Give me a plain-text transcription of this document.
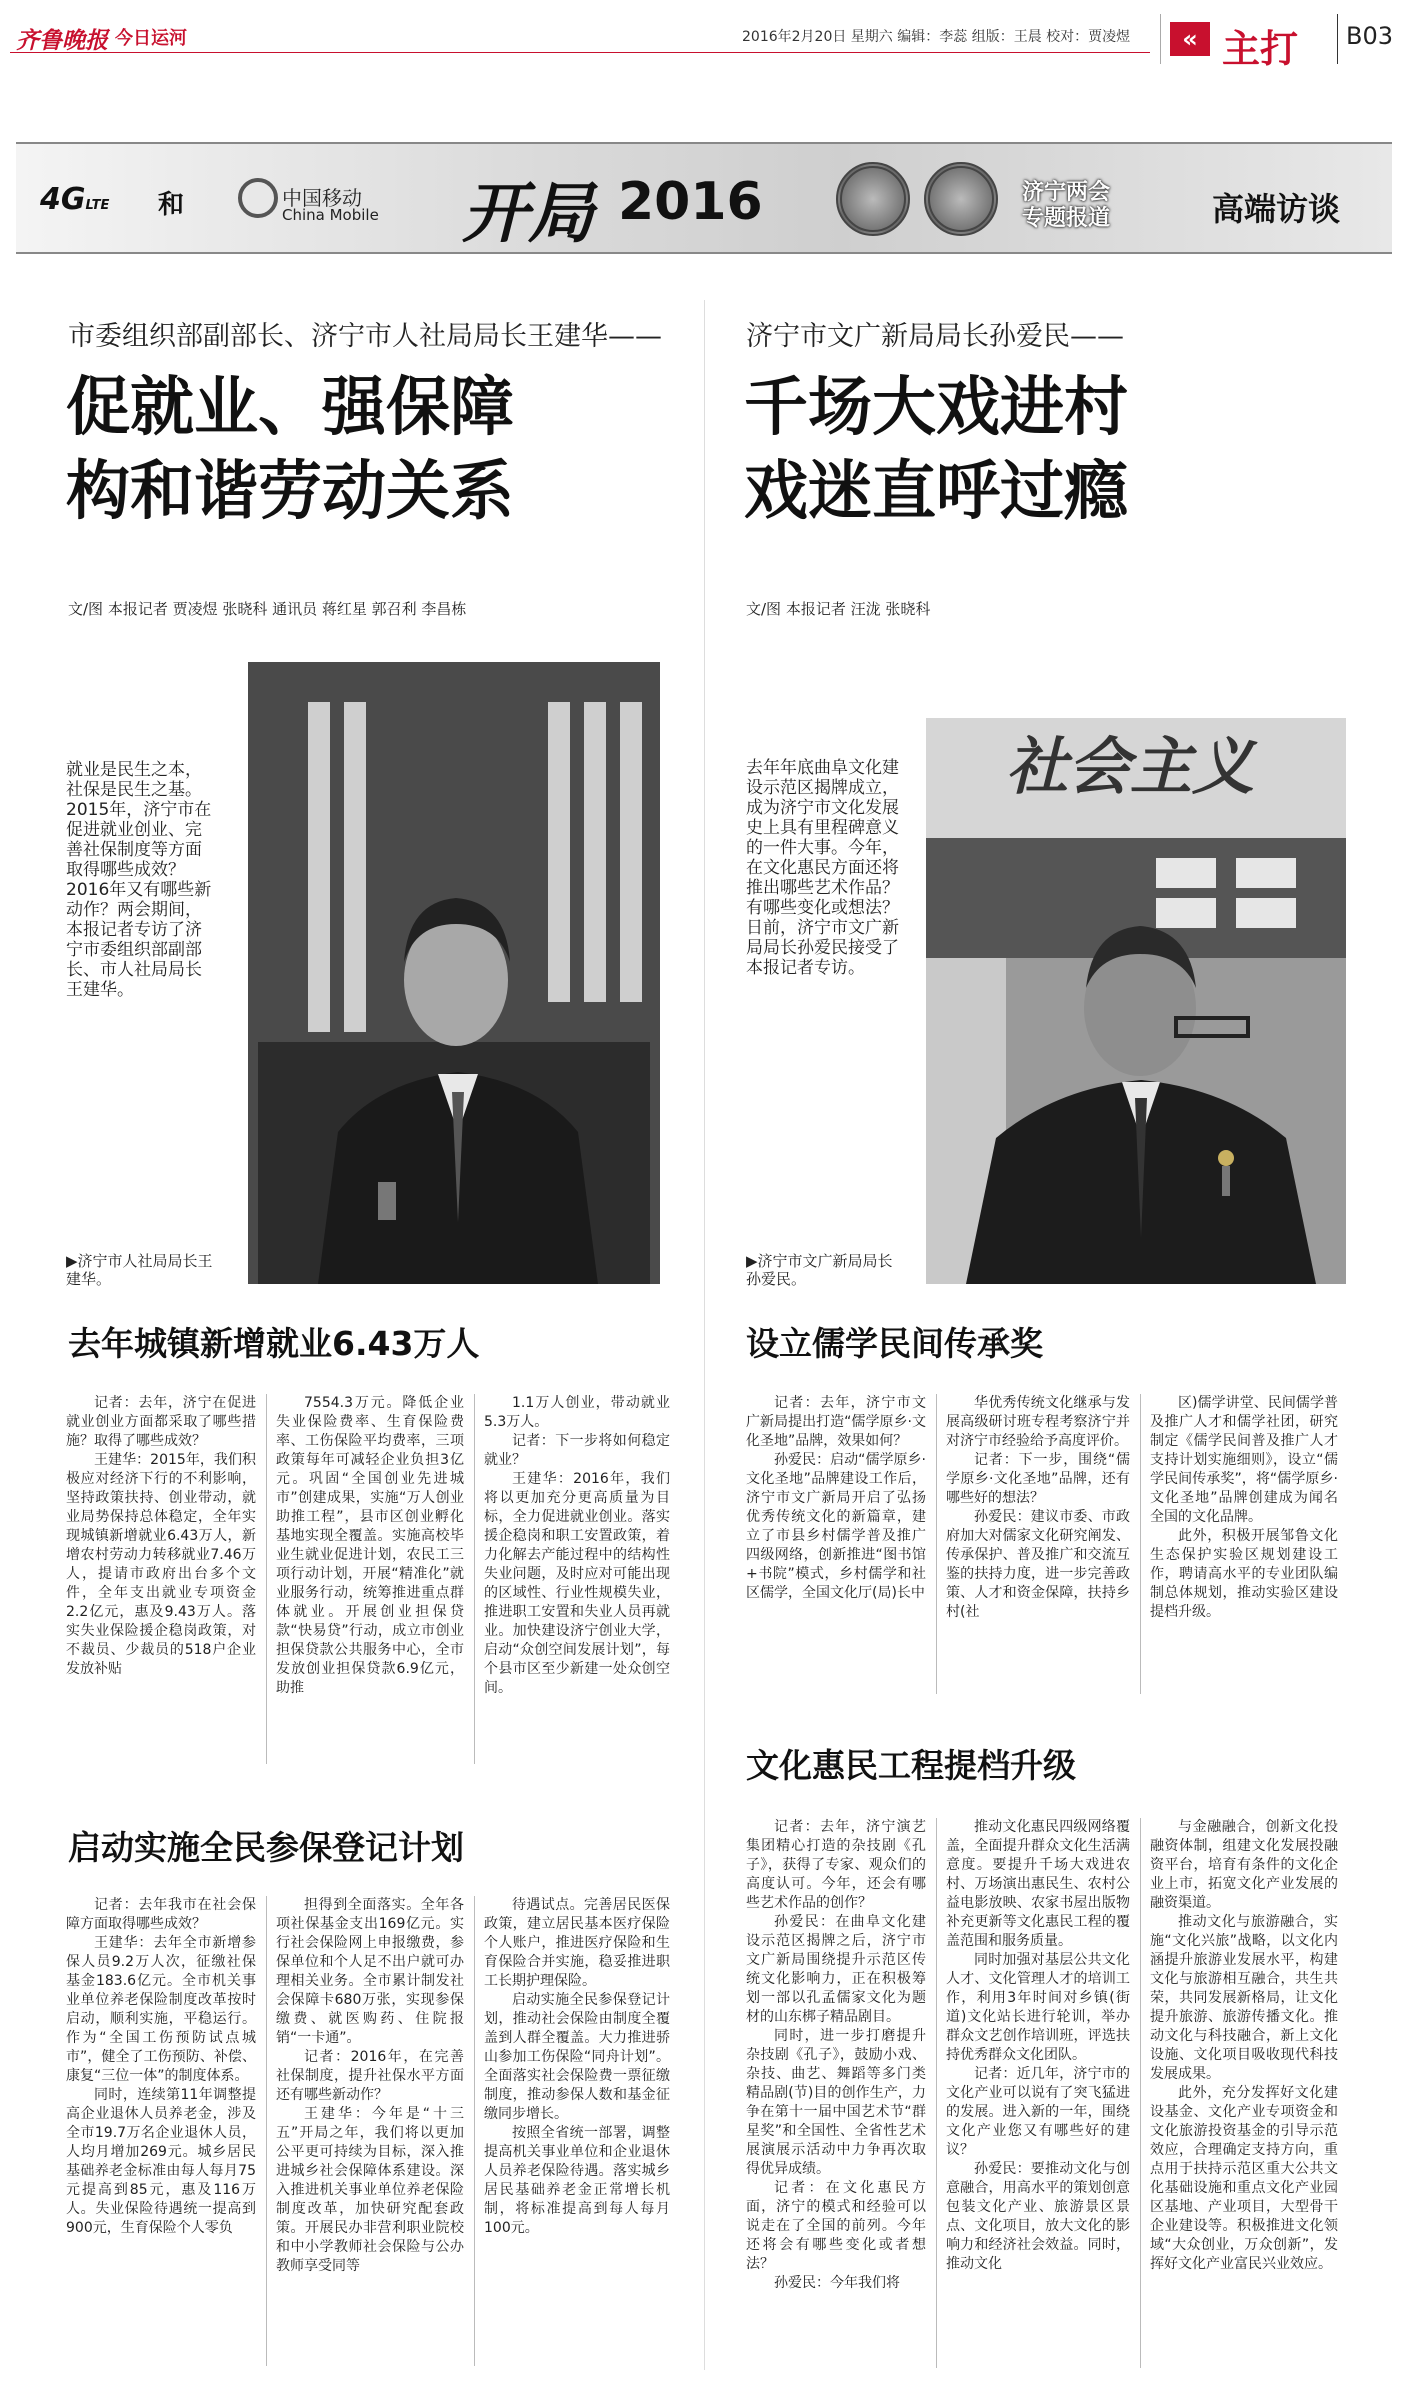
齐鲁晚报 今日运河	2016年2月20日 星期六 编辑：李蕊 组版：王晨 校对：贾凌煜	« 主打 B03
4GLTE 和	中国移动
China Mobile 开局 2016	济宁两会
专题报道	高端访谈
市委组织部副部长、济宁市人社局局长王建华——
促就业、强保障
构和谐劳动关系
文/图 本报记者 贾凌煜 张晓科 通讯员 蒋红星 郭召利 李昌栋
就业是民生之本，社保是民生之基。2015年，济宁市在促进就业创业、完善社保制度等方面取得哪些成效？2016年又有哪些新动作？两会期间，本报记者专访了济宁市委组织部副部长、市人社局局长王建华。
▶济宁市人社局局长王建华。
去年城镇新增就业6.43万人

记者：去年，济宁在促进就业创业方面都采取了哪些措施？取得了哪些成效？

王建华：2015年，我们积极应对经济下行的不利影响，坚持政策扶持、创业带动，就业局势保持总体稳定，全年实现城镇新增就业6.43万人，新增农村劳动力转移就业7.46万人，提请市政府出台多个文件，全年支出就业专项资金2.2亿元，惠及9.43万人。落实失业保险援企稳岗政策，对不裁员、少裁员的518户企业发放补贴

7554.3万元。降低企业失业保险费率、生育保险费率、工伤保险平均费率，三项政策每年可减轻企业负担3亿元。巩固“全国创业先进城市”创建成果，实施“万人创业助推工程”，县市区创业孵化基地实现全覆盖。实施高校毕业生就业促进计划，农民工三项行动计划，开展“精准化”就业服务行动，统筹推进重点群体就业。开展创业担保贷款“快易贷”行动，成立市创业担保贷款公共服务中心，全市发放创业担保贷款6.9亿元，助推

1.1万人创业，带动就业5.3万人。

记者：下一步将如何稳定就业？

王建华：2016年，我们将以更加充分更高质量为目标，全力促进就业创业。落实援企稳岗和职工安置政策，着力化解去产能过程中的结构性失业问题，及时应对可能出现的区域性、行业性规模失业，推进职工安置和失业人员再就业。加快建设济宁创业大学，启动“众创空间发展计划”，每个县市区至少新建一处众创空间。

启动实施全民参保登记计划

记者：去年我市在社会保障方面取得哪些成效？

王建华：去年全市新增参保人员9.2万人次，征缴社保基金183.6亿元。全市机关事业单位养老保险制度改革按时启动，顺利实施，平稳运行。作为“全国工伤预防试点城市”，健全了工伤预防、补偿、康复“三位一体”的制度体系。

同时，连续第11年调整提高企业退休人员养老金，涉及全市19.7万名企业退休人员，人均月增加269元。城乡居民基础养老金标准由每人每月75元提高到85元，惠及116万人。失业保险待遇统一提高到900元，生育保险个人零负

担得到全面落实。全年各项社保基金支出169亿元。实行社会保险网上申报缴费，参保单位和个人足不出户就可办理相关业务。全市累计制发社会保障卡680万张，实现参保缴费、就医购药、住院报销“一卡通”。

记者：2016年，在完善社保制度，提升社保水平方面还有哪些新动作？

王建华：今年是“十三五”开局之年，我们将以更加公平更可持续为目标，深入推进城乡社会保障体系建设。深入推进机关事业单位养老保险制度改革，加快研究配套政策。开展民办非营利职业院校和中小学教师社会保险与公办教师享受同等

待遇试点。完善居民医保政策，建立居民基本医疗保险个人账户，推进医疗保险和生育保险合并实施，稳妥推进职工长期护理保险。

启动实施全民参保登记计划，推动社会保险由制度全覆盖到人群全覆盖。大力推进骄山参加工伤保险“同舟计划”。全面落实社会保险费一票征缴制度，推动参保人数和基金征缴同步增长。

按照全省统一部署，调整提高机关事业单位和企业退休人员养老保险待遇。落实城乡居民基础养老金正常增长机制，将标准提高到每人每月100元。

济宁市文广新局局长孙爱民——
千场大戏进村
戏迷直呼过瘾
文/图 本报记者 汪泷 张晓科
去年年底曲阜文化建设示范区揭牌成立，成为济宁市文化发展史上具有里程碑意义的一件大事。今年，在文化惠民方面还将推出哪些艺术作品？有哪些变化或想法？日前，济宁市文广新局局长孙爱民接受了本报记者专访。
社会主义
▶济宁市文广新局局长孙爱民。
设立儒学民间传承奖

记者：去年，济宁市文广新局提出打造“儒学原乡·文化圣地”品牌，效果如何？

孙爱民：启动“儒学原乡·文化圣地”品牌建设工作后，济宁市文广新局开启了弘扬优秀传统文化的新篇章，建立了市县乡村儒学普及推广四级网络，创新推进“图书馆+书院”模式，乡村儒学和社区儒学，全国文化厅(局)长中

华优秀传统文化继承与发展高级研讨班专程考察济宁并对济宁市经验给予高度评价。

记者：下一步，围绕“儒学原乡·文化圣地”品牌，还有哪些好的想法？

孙爱民：建议市委、市政府加大对儒家文化研究阐发、传承保护、普及推广和交流互鉴的扶持力度，进一步完善政策、人才和资金保障，扶持乡村(社

区)儒学讲堂、民间儒学普及推广人才和儒学社团，研究制定《儒学民间普及推广人才支持计划实施细则》，设立“儒学民间传承奖”，将“儒学原乡·文化圣地”品牌创建成为闻名全国的文化品牌。

此外，积极开展邹鲁文化生态保护实验区规划建设工作，聘请高水平的专业团队编制总体规划，推动实验区建设提档升级。

文化惠民工程提档升级

记者：去年，济宁演艺集团精心打造的杂技剧《孔子》，获得了专家、观众们的高度认可。今年，还会有哪些艺术作品的创作？

孙爱民：在曲阜文化建设示范区揭牌之后，济宁市文广新局围绕提升示范区传统文化影响力，正在积极筹划一部以孔孟儒家文化为题材的山东梆子精品剧目。

同时，进一步打磨提升杂技剧《孔子》，鼓励小戏、杂技、曲艺、舞蹈等多门类精品剧(节)目的创作生产，力争在第十一届中国艺术节“群星奖”和全国性、全省性艺术展演展示活动中力争再次取得优异成绩。

记者：在文化惠民方面，济宁的模式和经验可以说走在了全国的前列。今年还将会有哪些变化或者想法？

孙爱民：今年我们将

推动文化惠民四级网络覆盖，全面提升群众文化生活满意度。要提升千场大戏进农村、万场演出惠民生、农村公益电影放映、农家书屋出版物补充更新等文化惠民工程的覆盖范围和服务质量。

同时加强对基层公共文化人才、文化管理人才的培训工作，利用3年时间对乡镇(街道)文化站长进行轮训，举办群众文艺创作培训班，评选扶持优秀群众文化团队。

记者：近几年，济宁市的文化产业可以说有了突飞猛进的发展。进入新的一年，围绕文化产业您又有哪些好的建议？

孙爱民：要推动文化与创意融合，用高水平的策划创意包装文化产业、旅游景区景点、文化项目，放大文化的影响力和经济社会效益。同时，推动文化

与金融融合，创新文化投融资体制，组建文化发展投融资平台，培育有条件的文化企业上市，拓宽文化产业发展的融资渠道。

推动文化与旅游融合，实施“文化兴旅”战略，以文化内涵提升旅游业发展水平，构建文化与旅游相互融合，共生共荣，共同发展新格局，让文化提升旅游、旅游传播文化。推动文化与科技融合，新上文化设施、文化项目吸收现代科技发展成果。

此外，充分发挥好文化建设基金、文化产业专项资金和文化旅游投资基金的引导示范效应，合理确定支持方向，重点用于扶持示范区重大公共文化基础设施和重点文化产业园区基地、产业项目，大型骨干企业建设等。积极推进文化领域“大众创业，万众创新”，发挥好文化产业富民兴业效应。
